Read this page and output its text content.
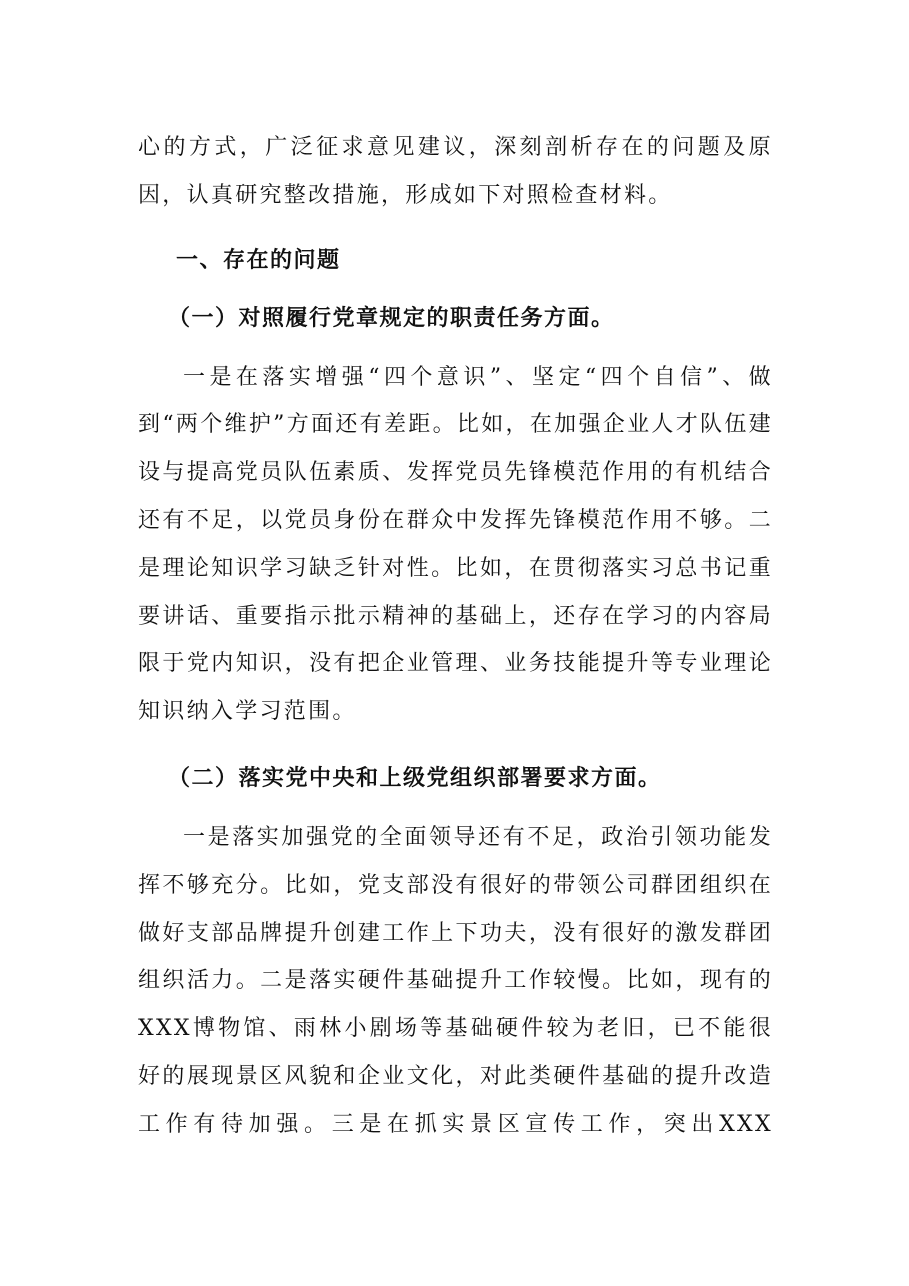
心的方式，广泛征求意见建议，深刻剖析存在的问题及原因，认真研究整改措施，形成如下对照检查材料。

一、存在的问题
（一）对照履行党章规定的职责任务方面。

一是在落实增强“四个意识”、坚定“四个自信”、做到“两个维护”方面还有差距。比如，在加强企业人才队伍建设与提高党员队伍素质、发挥党员先锋模范作用的有机结合还有不足，以党员身份在群众中发挥先锋模范作用不够。二是理论知识学习缺乏针对性。比如，在贯彻落实习总书记重要讲话、重要指示批示精神的基础上，还存在学习的内容局限于党内知识，没有把企业管理、业务技能提升等专业理论知识纳入学习范围。

（二）落实党中央和上级党组织部署要求方面。

一是落实加强党的全面领导还有不足，政治引领功能发挥不够充分。比如，党支部没有很好的带领公司群团组织在做好支部品牌提升创建工作上下功夫，没有很好的激发群团组织活力。二是落实硬件基础提升工作较慢。比如，现有的XXX博物馆、雨林小剧场等基础硬件较为老旧，已不能很好的展现景区风貌和企业文化，对此类硬件基础的提升改造工作有待加强。三是在抓实景区宣传工作，突出XXX
